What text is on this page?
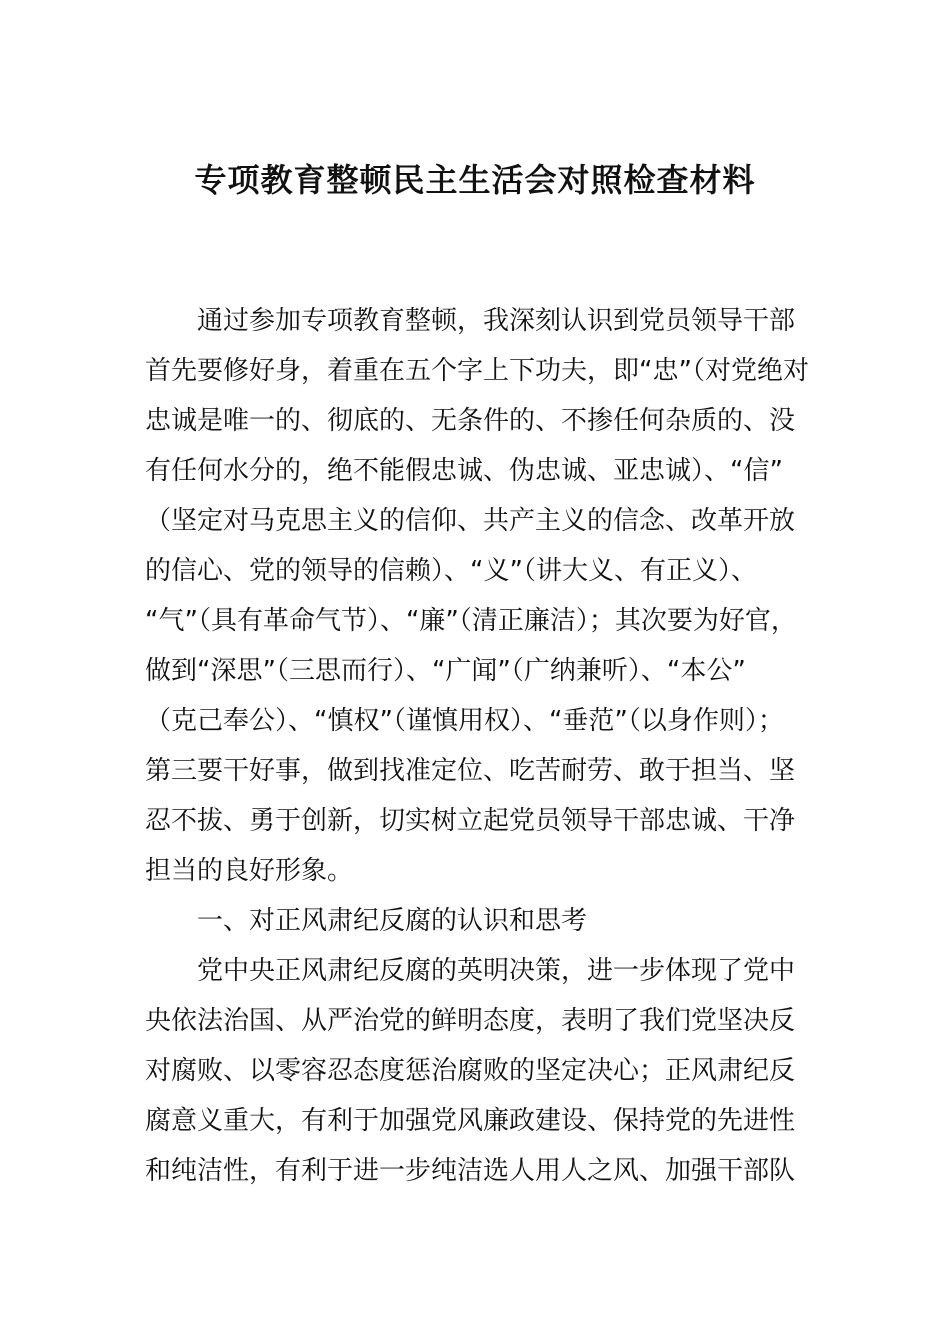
专项教育整顿民主生活会对照检查材料
通过参加专项教育整顿，我深刻认识到党员领导干部
首先要修好身，着重在五个字上下功夫，即“忠”（对党绝对
忠诚是唯一的、彻底的、无条件的、不掺任何杂质的、没
有任何水分的，绝不能假忠诚、伪忠诚、亚忠诚）、“信”
（坚定对马克思主义的信仰、共产主义的信念、改革开放
的信心、党的领导的信赖）、“义”（讲大义、有正义）、
“气”（具有革命气节）、“廉”（清正廉洁）；其次要为好官，
做到“深思”（三思而行）、“广闻”（广纳兼听）、“本公”
（克己奉公）、“慎权”（谨慎用权）、“垂范”（以身作则）；
第三要干好事，做到找准定位、吃苦耐劳、敢于担当、坚
忍不拔、勇于创新，切实树立起党员领导干部忠诚、干净
担当的良好形象。
一、对正风肃纪反腐的认识和思考
党中央正风肃纪反腐的英明决策，进一步体现了党中
央依法治国、从严治党的鲜明态度，表明了我们党坚决反
对腐败、以零容忍态度惩治腐败的坚定决心；正风肃纪反
腐意义重大，有利于加强党风廉政建设、保持党的先进性
和纯洁性，有利于进一步纯洁选人用人之风、加强干部队
